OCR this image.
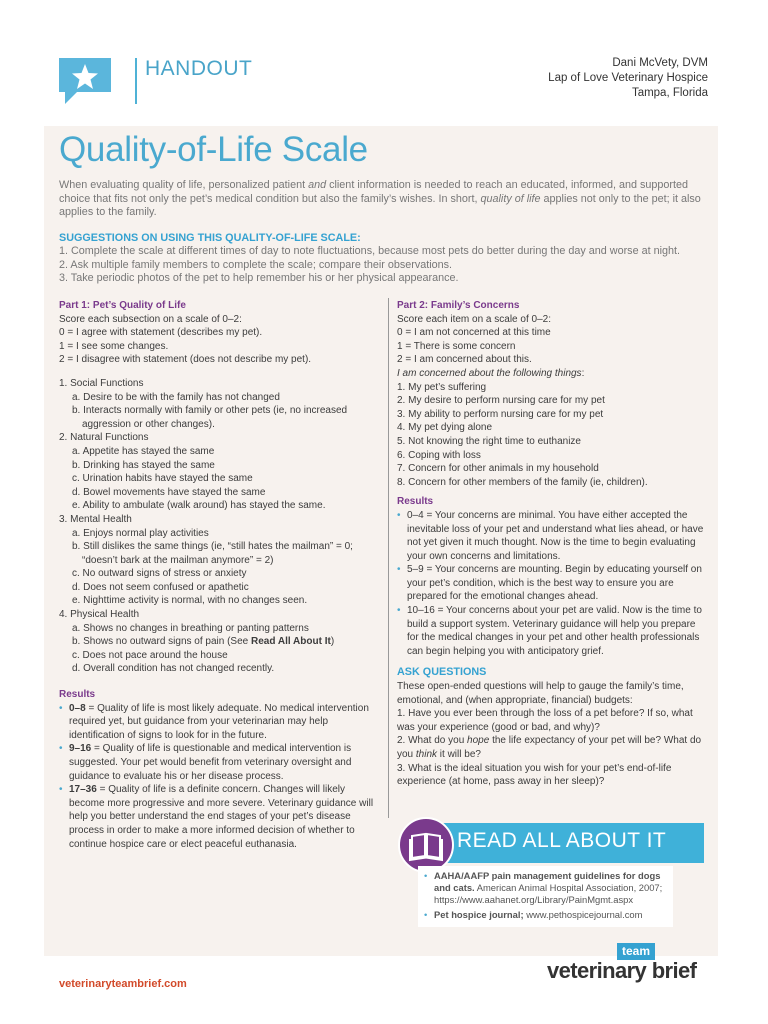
HANDOUT	Dani McVety, DVM
Lap of Love Veterinary Hospice
Tampa, Florida
Quality-of-Life Scale
When evaluating quality of life, personalized patient and client information is needed to reach an educated, informed, and supported choice that fits not only the pet’s medical condition but also the family’s wishes. In short, quality of life applies not only to the pet; it also applies to the family.
SUGGESTIONS ON USING THIS QUALITY-OF-LIFE SCALE:
1. Complete the scale at different times of day to note fluctuations, because most pets do better during the day and worse at night.
2. Ask multiple family members to complete the scale; compare their observations.
3. Take periodic photos of the pet to help remember his or her physical appearance.
Part 1: Pet’s Quality of Life
Score each subsection on a scale of 0–2:
0 = I agree with statement (describes my pet).
1 = I see some changes.
2 = I disagree with statement (does not describe my pet).
1. Social Functions
a. Desire to be with the family has not changed
b. Interacts normally with family or other pets (ie, no increased
aggression or other changes).
2. Natural Functions
a. Appetite has stayed the same
b. Drinking has stayed the same
c. Urination habits have stayed the same
d. Bowel movements have stayed the same
e. Ability to ambulate (walk around) has stayed the same.
3. Mental Health
a. Enjoys normal play activities
b. Still dislikes the same things (ie, “still hates the mailman” = 0;
“doesn’t bark at the mailman anymore” = 2)
c. No outward signs of stress or anxiety
d. Does not seem confused or apathetic
e. Nighttime activity is normal, with no changes seen.
4. Physical Health
a. Shows no changes in breathing or panting patterns
b. Shows no outward signs of pain (See Read All About It)
c. Does not pace around the house
d. Overall condition has not changed recently.
Results
• 0–8 = Quality of life is most likely adequate. No medical intervention required yet, but guidance from your veterinarian may help identification of signs to look for in the future.
• 9–16 = Quality of life is questionable and medical intervention is suggested. Your pet would benefit from veterinary oversight and guidance to evaluate his or her disease process.
• 17–36 = Quality of life is a definite concern. Changes will likely become more progressive and more severe. Veterinary guidance will help you better understand the end stages of your pet’s disease process in order to make a more informed decision of whether to continue hospice care or elect peaceful euthanasia.
Part 2: Family’s Concerns
Score each item on a scale of 0–2:
0 = I am not concerned at this time
1 = There is some concern
2 = I am concerned about this.
I am concerned about the following things:
1. My pet’s suffering
2. My desire to perform nursing care for my pet
3. My ability to perform nursing care for my pet
4. My pet dying alone
5. Not knowing the right time to euthanize
6. Coping with loss
7. Concern for other animals in my household
8. Concern for other members of the family (ie, children).
Results
• 0–4 = Your concerns are minimal. You have either accepted the inevitable loss of your pet and understand what lies ahead, or have not yet given it much thought. Now is the time to begin evaluating your own concerns and limitations.
• 5–9 = Your concerns are mounting. Begin by educating yourself on your pet’s condition, which is the best way to ensure you are prepared for the emotional changes ahead.
• 10–16 = Your concerns about your pet are valid. Now is the time to build a support system. Veterinary guidance will help you prepare for the medical changes in your pet and other health professionals can begin helping you with anticipatory grief.
ASK QUESTIONS
These open-ended questions will help to gauge the family’s time, emotional, and (when appropriate, financial) budgets:
1. Have you ever been through the loss of a pet before? If so, what was your experience (good or bad, and why)?
2. What do you hope the life expectancy of your pet will be? What do you think it will be?
3. What is the ideal situation you wish for your pet’s end-of-life experience (at home, pass away in her sleep)?
READ ALL ABOUT IT
• AAHA/AAFP pain management guidelines for dogs and cats. American Animal Hospital Association, 2007; https://www.aahanet.org/Library/PainMgmt.aspx
• Pet hospice journal; www.pethospicejournal.com
veterinaryteambrief.com
team
veterinary brief
